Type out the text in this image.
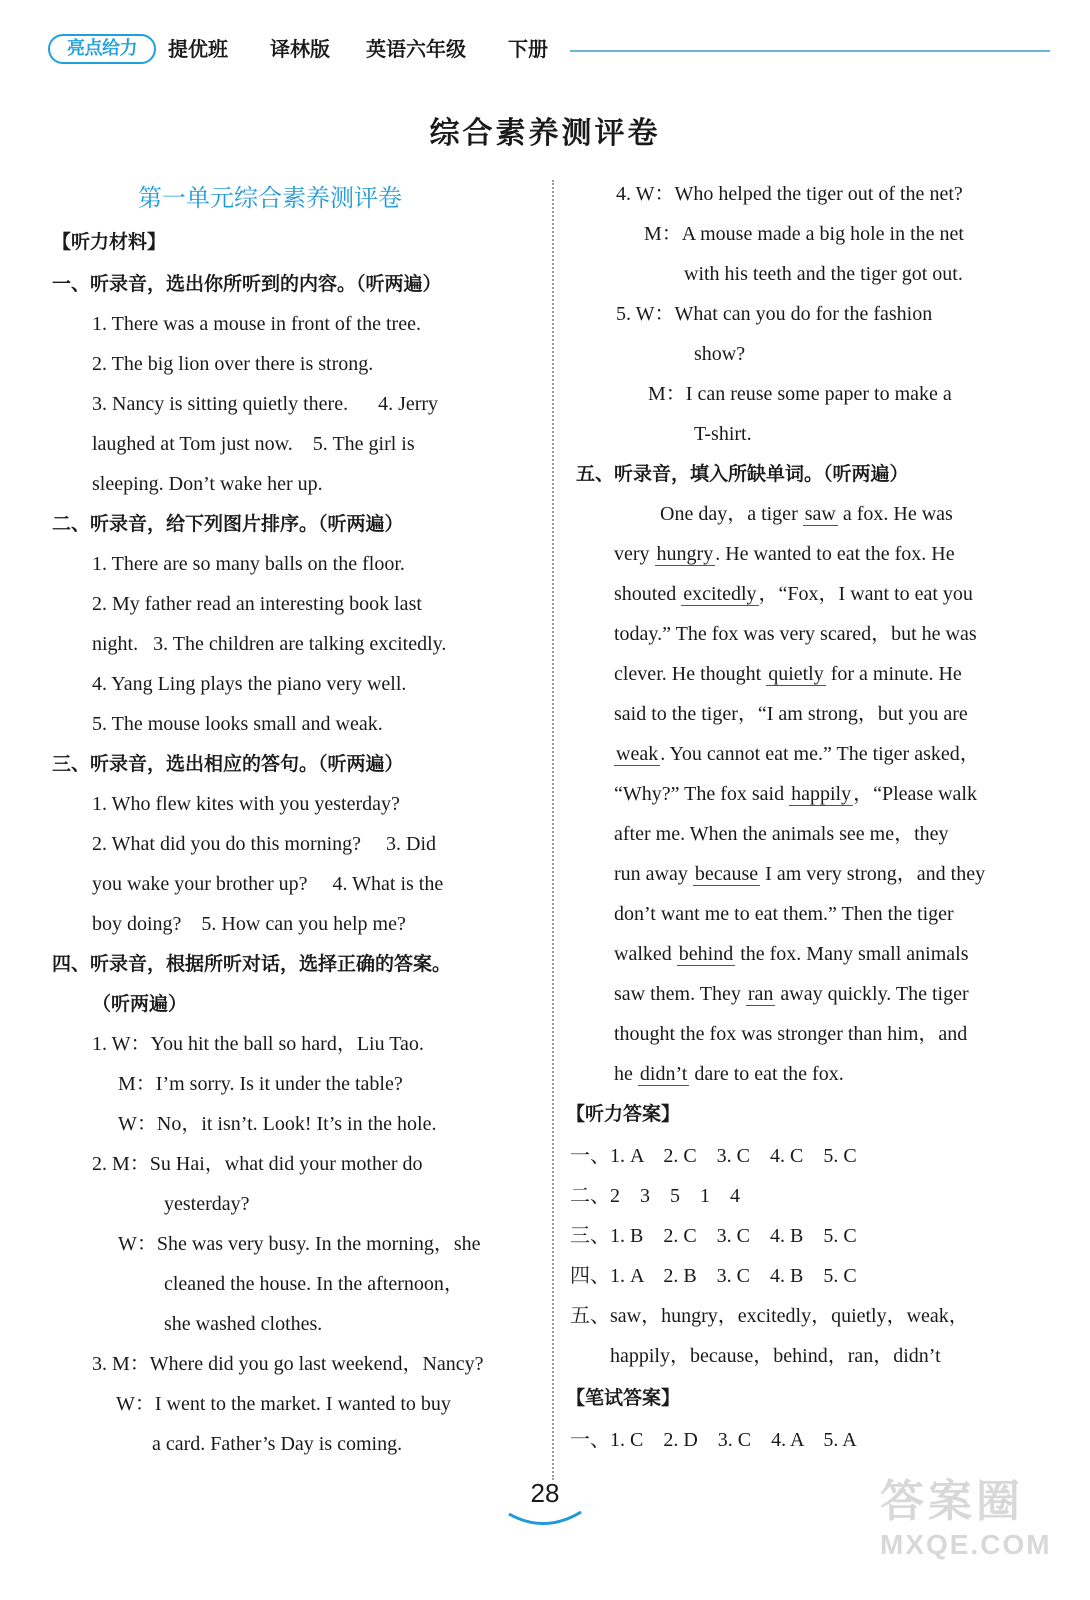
亮点给力	提优班 译林版 英语六年级 下册
综合素养测评卷
第一单元综合素养测评卷
【听力材料】
一、听录音，选出你所听到的内容。（听两遍）
1. There was a mouse in front of the tree.
2. The big lion over there is strong.
3. Nancy is sitting quietly there.      4. Jerry
laughed at Tom just now.    5. The girl is
sleeping. Don’t wake her up.
二、听录音，给下列图片排序。（听两遍）
1. There are so many balls on the floor.
2. My father read an interesting book last
night.   3. The children are talking excitedly.
4. Yang Ling plays the piano very well.
5. The mouse looks small and weak.
三、听录音，选出相应的答句。（听两遍）
1. Who flew kites with you yesterday?
2. What did you do this morning?     3. Did
you wake your brother up?     4. What is the
boy doing?    5. How can you help me?
四、听录音，根据所听对话，选择正确的答案。
（听两遍）
1. W：You hit the ball so hard，Liu Tao.
M：I’m sorry. Is it under the table?
W：No，it isn’t. Look! It’s in the hole.
2. M：Su Hai，what did your mother do
yesterday?
W：She was very busy. In the morning，she
cleaned the house. In the afternoon，
she washed clothes.
3. M：Where did you go last weekend，Nancy?
W：I went to the market. I wanted to buy
a card. Father’s Day is coming.
4. W：Who helped the tiger out of the net?
M：A mouse made a big hole in the net
with his teeth and the tiger got out.
5. W：What can you do for the fashion
show?
M：I can reuse some paper to make a
T-shirt.
五、听录音，填入所缺单词。（听两遍）
One day，a tiger saw a fox. He was
very hungry . He wanted to eat the fox. He
shouted excitedly ，“Fox，I want to eat you
today.” The fox was very scared，but he was
clever. He thought quietly for a minute. He
said to the tiger，“I am strong，but you are
weak . You cannot eat me.” The tiger asked，
“Why?” The fox said happily ，“Please walk
after me. When the animals see me，they
run away because I am very strong，and they
don’t want me to eat them.” Then the tiger
walked behind the fox. Many small animals
saw them. They ran away quickly. The tiger
thought the fox was stronger than him，and
he didn’t dare to eat the fox.
【听力答案】
一、1. A    2. C    3. C    4. C    5. C
二、2    3    5    1    4
三、1. B    2. C    3. C    4. B    5. C
四、1. A    2. B    3. C    4. B    5. C
五、saw，hungry，excitedly，quietly，weak，
happily，because，behind，ran，didn’t
【笔试答案】
一、1. C    2. D    3. C    4. A    5. A
28	答案圈
MXQE.COM
